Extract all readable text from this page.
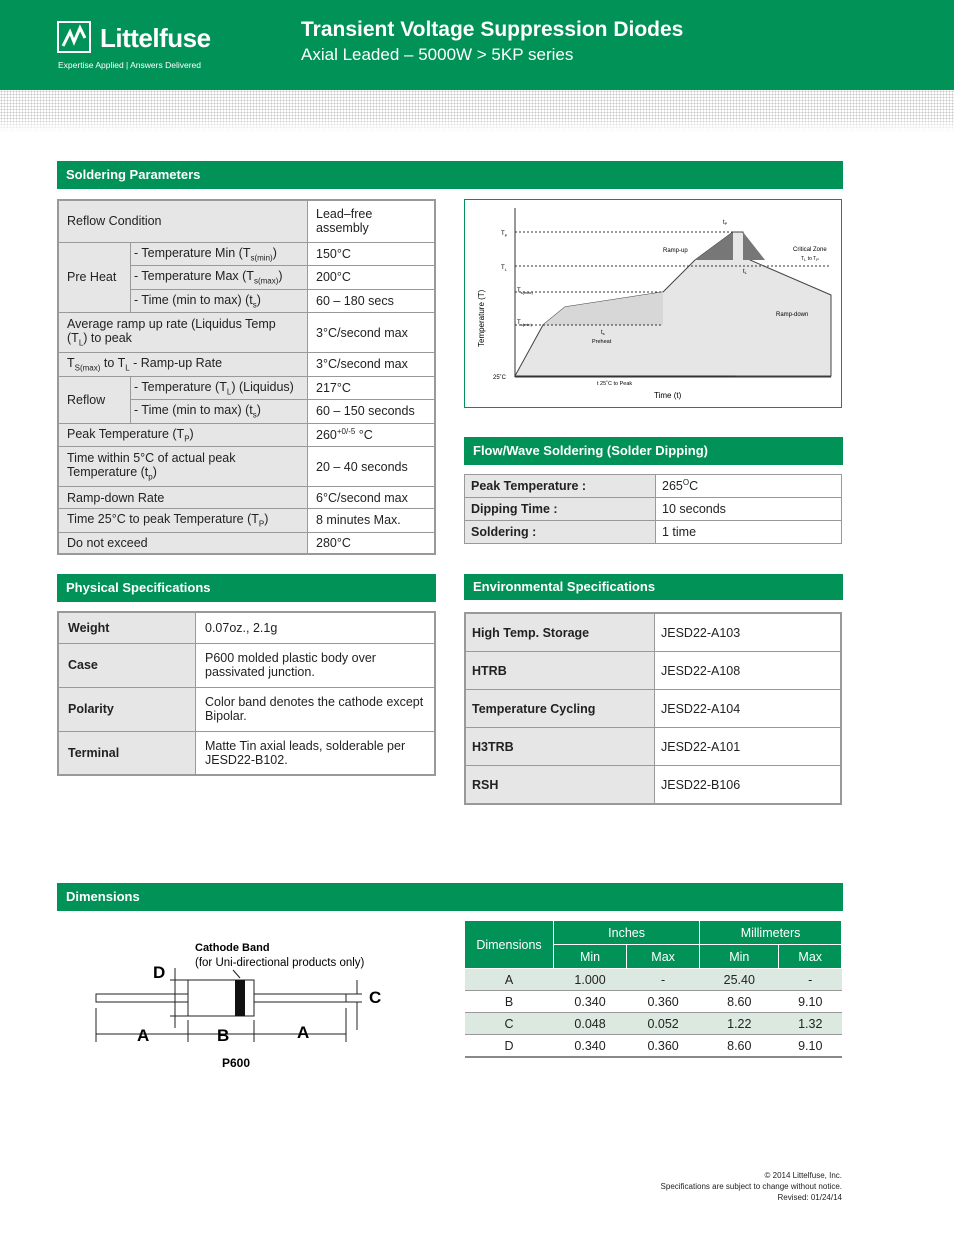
Littelfuse
Expertise Applied | Answers Delivered
Transient Voltage Suppression Diodes
Axial Leaded – 5000W > 5KP series
Soldering Parameters
Reflow Condition		Lead–free assembly
Pre Heat	- Temperature Min $(T_{s(min)})$	150°C
	- Temperature Max $(T_{s(max)})$	200°C
	- Time (min to max) $(t_s)$	60 – 180 secs
Average ramp up rate (Liquidus Temp $(T_L)$ to peak		3°C/second max
$T_{S(max)}$ to $T_L$ - Ramp-up Rate		3°C/second max
Reflow	- Temperature $(T_L)$ (Liquidus)	217°C
	- Time (min to max) $(t_s)$	60 – 150 seconds
Peak Temperature $(T_P)$		$260^{+0/-5}$ °C
Time within 5°C of actual peak Temperature $(t_p)$		20 – 40 seconds
Ramp-down Rate		6°C/second max
Time 25°C to peak Temperature $(T_P)$		8 minutes Max.
Do not exceed		280°C
$T_P$
$T_L$
$T_{s(max)}$
$T_{s(min)}$
25˚C
t 25˚C to Peak
Time (t)
Temperature (T)
Ramp-up
Ramp-down
Critical Zone
$T_L$ to $T_P$
Preheat
ts
tP
tL
Flow/Wave Soldering (Solder Dipping)
Peak Temperature :	$265^OC$
Dipping Time :	10 seconds
Soldering :	1 time
Physical Specifications
Weight	0.07oz., 2.1g
Case	P600 molded plastic body over passivated junction.
Polarity	Color band denotes the cathode except Bipolar.
Terminal	Matte Tin axial leads, solderable per JESD22-B102.
Environmental Specifications
High Temp. Storage	JESD22-A103
HTRB	JESD22-A108
Temperature Cycling	JESD22-A104
H3TRB	JESD22-A101
RSH	JESD22-B106
Dimensions
Cathode Band
(for Uni-directional products only)
D
C
A	B	A
P600
Dimensions	Inches		Millimeters	
	Min	Max	Min	Max
A	1.000	-	25.40	-
B	0.340	0.360	8.60	9.10
C	0.048	0.052	1.22	1.32
D	0.340	0.360	8.60	9.10
© 2014 Littelfuse, Inc.
Specifications are subject to change without notice.
Revised: 01/24/14
